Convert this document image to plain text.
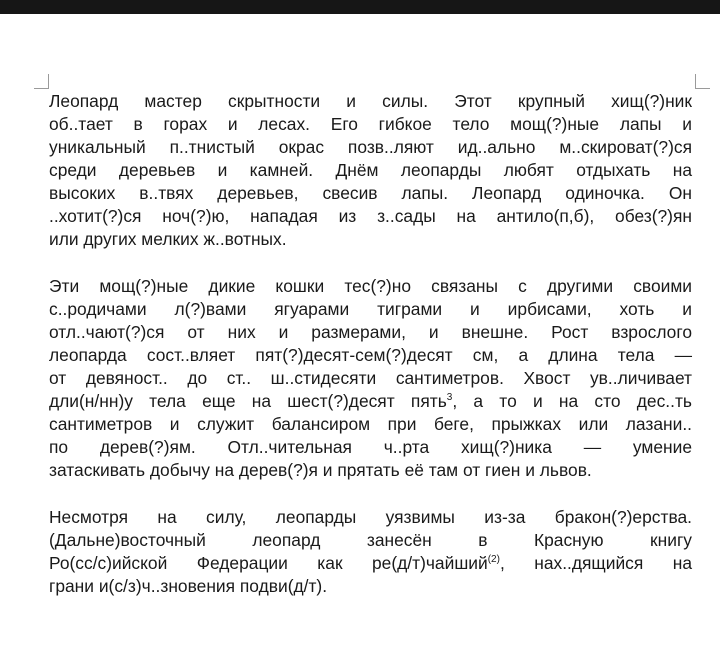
Леопард мастер скрытности и силы. Этот крупный хищ(?)ник
об..тает в горах и лесах. Его гибкое тело мощ(?)ные лапы и
уникальный п..тнистый окрас позв..ляют ид..ально м..скироват(?)ся
среди деревьев и камней. Днём леопарды любят отдыхать на
высоких в..твях деревьев, свесив лапы. Леопард одиночка. Он
..хотит(?)ся ноч(?)ю, нападая из з..сады на антило(п,б), обез(?)ян
или других мелких ж..вотных.

Эти мощ(?)ные дикие кошки тес(?)но связаны с другими своими
с..родичами л(?)вами ягуарами тиграми и ирбисами, хоть и
отл..чают(?)ся от них и размерами, и внешне. Рост взрослого
леопарда сост..вляет пят(?)десят-сем(?)десят см, а длина тела —
от девяност.. до ст.. ш..стидесяти сантиметров. Хвост ув..личивает
дли(н/нн)у тела еще на шест(?)десят пять$^3$, а то и на сто дес..ть
сантиметров и служит балансиром при беге, прыжках или лазани..
по дерев(?)ям. Отл..чительная ч..рта хищ(?)ника — умение
затаскивать добычу на дерев(?)я и прятать её там от гиен и львов.

Несмотря на силу, леопарды уязвимы из-за бракон(?)ерства.
(Дальне)восточный леопард занесён в Красную книгу
Ро(сс/с)ийской Федерации как ре(д/т)чайший$^{(2)}$, нах..дящийся на
грани и(с/з)ч..зновения подви(д/т).
